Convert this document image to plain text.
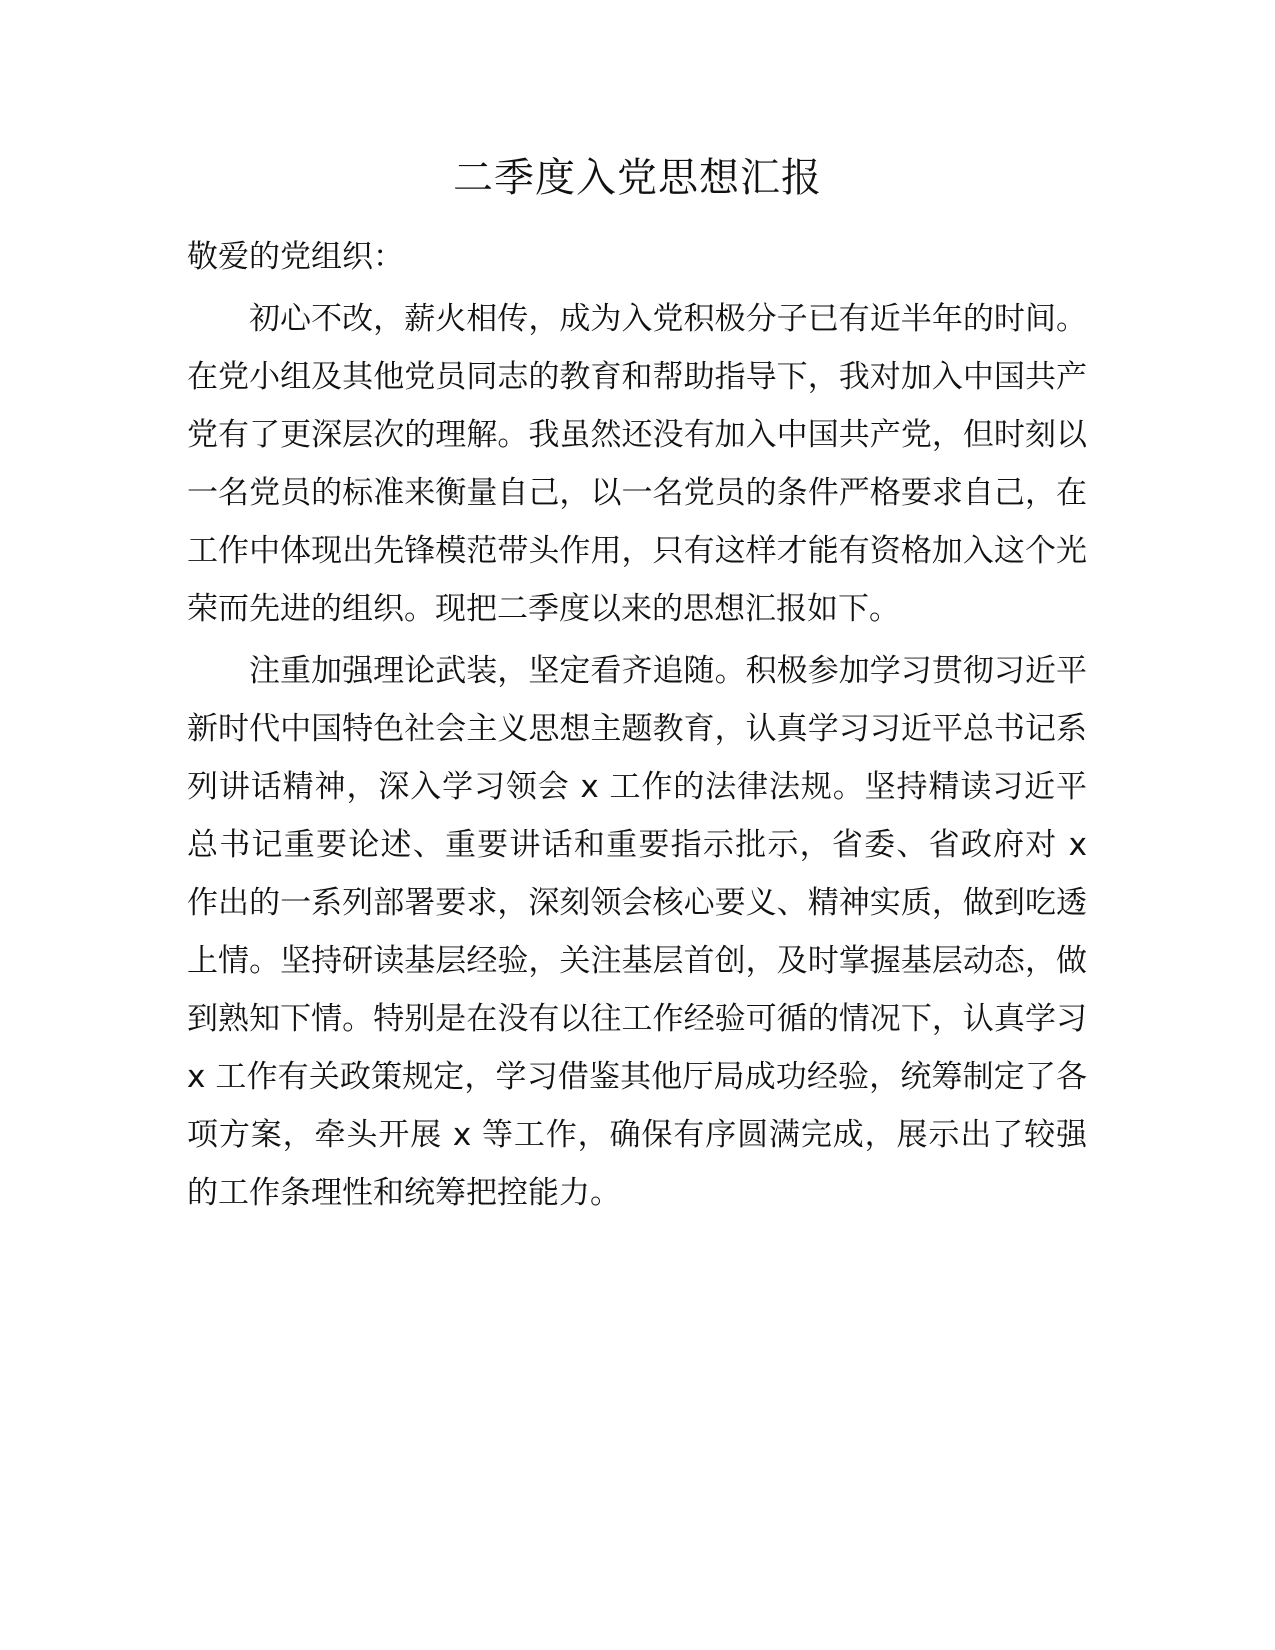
二季度入党思想汇报

敬爱的党组织：

初心不改，薪火相传，成为入党积极分子已有近半年的时间。在党小组及其他党员同志的教育和帮助指导下，我对加入中国共产党有了更深层次的理解。我虽然还没有加入中国共产党，但时刻以一名党员的标准来衡量自己，以一名党员的条件严格要求自己，在工作中体现出先锋模范带头作用，只有这样才能有资格加入这个光荣而先进的组织。现把二季度以来的思想汇报如下。

注重加强理论武装，坚定看齐追随。积极参加学习贯彻习近平新时代中国特色社会主义思想主题教育，认真学习习近平总书记系列讲话精神，深入学习领会 x 工作的法律法规。坚持精读习近平总书记重要论述、重要讲话和重要指示批示，省委、省政府对 x 作出的一系列部署要求，深刻领会核心要义、精神实质，做到吃透上情。坚持研读基层经验，关注基层首创，及时掌握基层动态，做到熟知下情。特别是在没有以往工作经验可循的情况下，认真学习 x 工作有关政策规定，学习借鉴其他厅局成功经验，统筹制定了各项方案，牵头开展 x 等工作，确保有序圆满完成，展示出了较强的工作条理性和统筹把控能力。
